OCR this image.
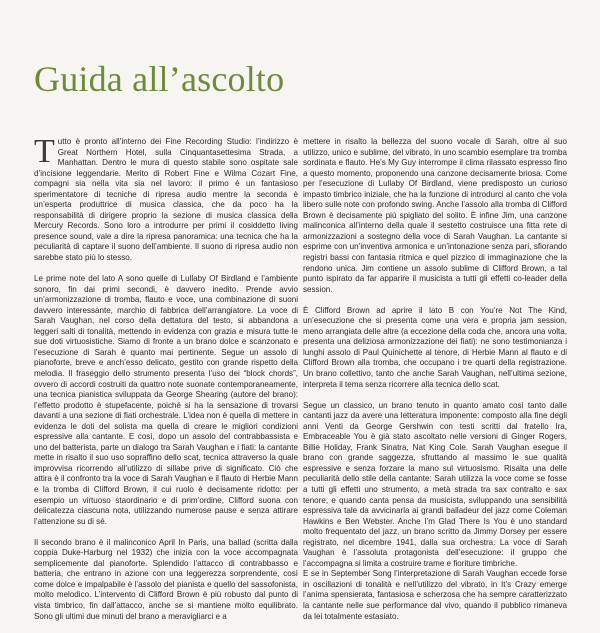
Guida all’ascolto

Tutto è pronto all’interno dei Fine Recording Studio: l’indirizzo è Great Northern Hotel, sulla Cinquantasettesima Strada, a Manhattan. Dentro le mura di questo stabile sono ospitate sale d’incisione leggendarie. Merito di Robert Fine e Wilma Cozart Fine, compagni sia nella vita sia nel lavoro: il primo è un fantasioso sperimentatore di tecniche di ripresa audio mentre la seconda è un’esperta produttrice di musica classica, che da poco ha la responsabilità di dirigere proprio la sezione di musica classica della Mercury Records. Sono loro a introdurre per primi il cosiddetto living presence sound, vale a dire la ripresa panoramica: una tecnica che ha la peculiarità di captare il suono dell’ambiente. Il suono di ripresa audio non sarebbe stato più lo stesso.

Le prime note del lato A sono quelle di Lullaby Of Birdland e l’ambiente sonoro, fin dai primi secondi, è davvero inedito. Prende avvio un’armonizzazione di tromba, flauto e voce, una combinazione di suoni davvero interessante, marchio di fabbrica dell’arrangiatore. La voce di Sarah Vaughan, nel corso della dettatura del testo, si abbandona a leggeri salti di tonalità, mettendo in evidenza con grazia e misura tutte le sue doti virtuosistiche. Siamo di fronte a un brano dolce e scanzonato e l’esecuzione di Sarah è quanto mai pertinente. Segue un assolo di pianoforte, breve e anch’esso delicato, gestito con grande rispetto della melodia. Il fraseggio dello strumento presenta l’uso dei “block chords”, ovvero di accordi costruiti da quattro note suonate contemporaneamente, una tecnica pianistica sviluppata da George Shearing (autore del brano): l’effetto prodotto è stupefacente, poiché si ha la sensazione di trovarsi davanti a una sezione di fiati orchestrale. L’idea non è quella di mettere in evidenza le doti del solista ma quella di creare le migliori condizioni espressive alla cantante. E così, dopo un assolo del contrabbassista e uno del batterista, parte un dialogo tra Sarah Vaughan e i fiati: la cantante mette in risalto il suo uso sopraffino dello scat, tecnica attraverso la quale improvvisa ricorrendo all’utilizzo di sillabe prive di significato. Ciò che attira è il confronto tra la voce di Sarah Vaughan e il flauto di Herbie Mann e la tromba di Clifford Brown, il cui ruolo è decisamente ridotto: per esempio un virtuoso staordinario e di prim’ordine, Clifford suona con delicatezza ciascuna nota, utilizzando numerose pause e senza attirare l’attenzione su di sé.

Il secondo brano è il malinconico April In Paris, una ballad (scritta dalla coppia Duke-Harburg nel 1932) che inizia con la voce accompagnata semplicemente dal pianoforte. Splendido l’attacco di contrabbasso e batteria, che entrano in azione con una leggerezza sorprendente, così come dolce e impalpabile è l’assolo del pianista e quello del sassofonista, molto melodico. L’intervento di Clifford Brown è più robusto dal punto di vista timbrico, fin dall’attacco, anche se si mantiene molto equilibrato. Sono gli ultimi due minuti del brano a meravigliarci e a

mettere in risalto la bellezza del suono vocale di Sarah, oltre al suo utilizzo, unico e sublime, del vibrato, in uno scambio esemplare tra tromba sordinata e flauto. He’s My Guy interrompe il clima rilassato espresso fino a questo momento, proponendo una canzone decisamente briosa. Come per l’esecuzione di Lullaby Of Birdland, viene predisposto un curioso impasto timbrico iniziale, che ha la funzione di introdurci al canto che vola libero sulle note con profondo swing. Anche l’assolo alla tromba di Clifford Brown è decisamente più spigliato del solito. È infine Jim, una canzone malinconica all’interno della quale il sestetto costruisce una fitta rete di armonizzazioni a sostegno della voce di Sarah Vaughan. La cantante si esprime con un’inventiva armonica e un’intonazione senza pari, sfiorando registri bassi con fantasia ritmica e quel pizzico di immaginazione che la rendono unica. Jim contiene un assolo sublime di Clifford Brown, a tal punto ispirato da far apparire il musicista a tutti gli effetti co-leader della session.

È Clifford Brown ad aprire il lato B con You’re Not The Kind, un’esecuzione che si presenta come una vera e propria jam session, meno arrangiata delle altre (a eccezione della coda che, ancora una volta, presenta una deliziosa armonizzazione dei fiati): ne sono testimonianza i lunghi assolo di Paul Quinichette al tenore, di Herbie Mann al flauto e di Clifford Brown alla tromba, che occupano i tre quarti della registrazione. Un brano collettivo, tanto che anche Sarah Vaughan, nell’ultima sezione, interpreta il tema senza ricorrere alla tecnica dello scat.

Segue un classico, un brano tenuto in quanto amato così tanto dalle cantanti jazz da avere una letteratura imponente: composto alla fine degli anni Venti da George Gershwin con testi scritti dal fratello Ira, Embraceable You è già stato ascoltato nelle versioni di Ginger Rogers, Billie Holiday, Frank Sinatra, Nat King Cole. Sarah Vaughan esegue il brano con grande saggezza, sfruttando al massimo le sue qualità espressive e senza forzare la mano sul virtuosismo. Risalta una delle peculiarità dello stile della cantante: Sarah utilizza la voce come se fosse a tutti gli effetti uno strumento, a metà strada tra sax contralto e sax tenore, e quando canta pensa da musicista, sviluppando una sensibilità espressiva tale da avvicinarla ai grandi balladeur del jazz come Coleman Hawkins e Ben Webster. Anche I’m Glad There Is You è uno standard molto frequentato del jazz, un brano scritto da Jimmy Dorsey per essere registrato, nel dicembre 1941, dalla sua orchestra. La voce di Sarah Vaughan è l’assoluta protagonista dell’esecuzione: il gruppo che l’accompagna si limita a costruire trame e fioriture timbriche.

E se in September Song l’interpretazione di Sarah Vaughan eccede forse in oscillazioni di tonalità e nell’utilizzo del vibrato, in It’s Crazy emerge l’anima spensierata, fantasiosa e scherzosa che ha sempre caratterizzato la cantante nelle sue performance dal vivo, quando il pubblico rimaneva da lei totalmente estasiato.
